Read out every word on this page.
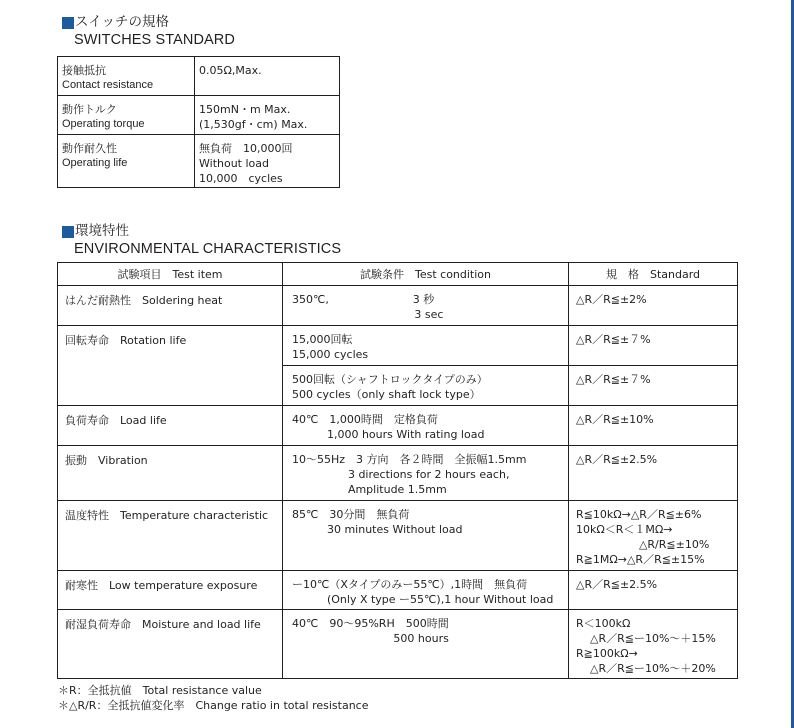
スイッチの規格
SWITCHES STANDARD
接触抵抗
Contact resistance	0.05Ω,Max.

動作トルク
Operating torque	150mN・m Max.
(1,530gf・cm) Max.

動作耐久性
Operating life	無負荷　10,000回
Without load
10,000　cycles
環境特性
ENVIRONMENTAL CHARACTERISTICS
試験項目　Test item	試験条件　Test condition	規　格　Standard
はんだ耐熱性　Soldering heat	350℃,                        3 秒
3 sec	△R／R≦±2%

回転寿命　Rotation life	15,000回転
15,000 cycles	△R／R≦±７%

	500回転（シャフトロックタイプのみ）
500 cycles（only shaft lock type）	△R／R≦±７%

負荷寿命　Load life	40℃　1,000時間　定格負荷
1,000 hours With rating load	△R／R≦±10%

振動　Vibration	10～55Hz　3 方向　各２時間　全振幅1.5mm
3 directions for 2 hours each,
Amplitude 1.5mm	△R／R≦±2.5%

温度特性　Temperature characteristic	85℃　30分間　無負荷
30 minutes Without load	R≦10kΩ→△R／R≦±6%
10kΩ＜R＜１MΩ→
△R/R≦±10%
R≧1MΩ→△R／R≦±15%

耐寒性　Low temperature exposure	ー10℃（Xタイプのみー55℃）,1時間　無負荷
(Only X type ー55℃),1 hour Without load	△R／R≦±2.5%

耐湿負荷寿命　Moisture and load life	40℃　90～95%RH　500時間
500 hours	R＜100kΩ
△R／R≦ー10%～＋15%
R≧100kΩ→
△R／R≦ー10%～＋20%
＊R：全抵抗値　Total resistance value
＊△R/R：全抵抗値変化率　Change ratio in total resistance
